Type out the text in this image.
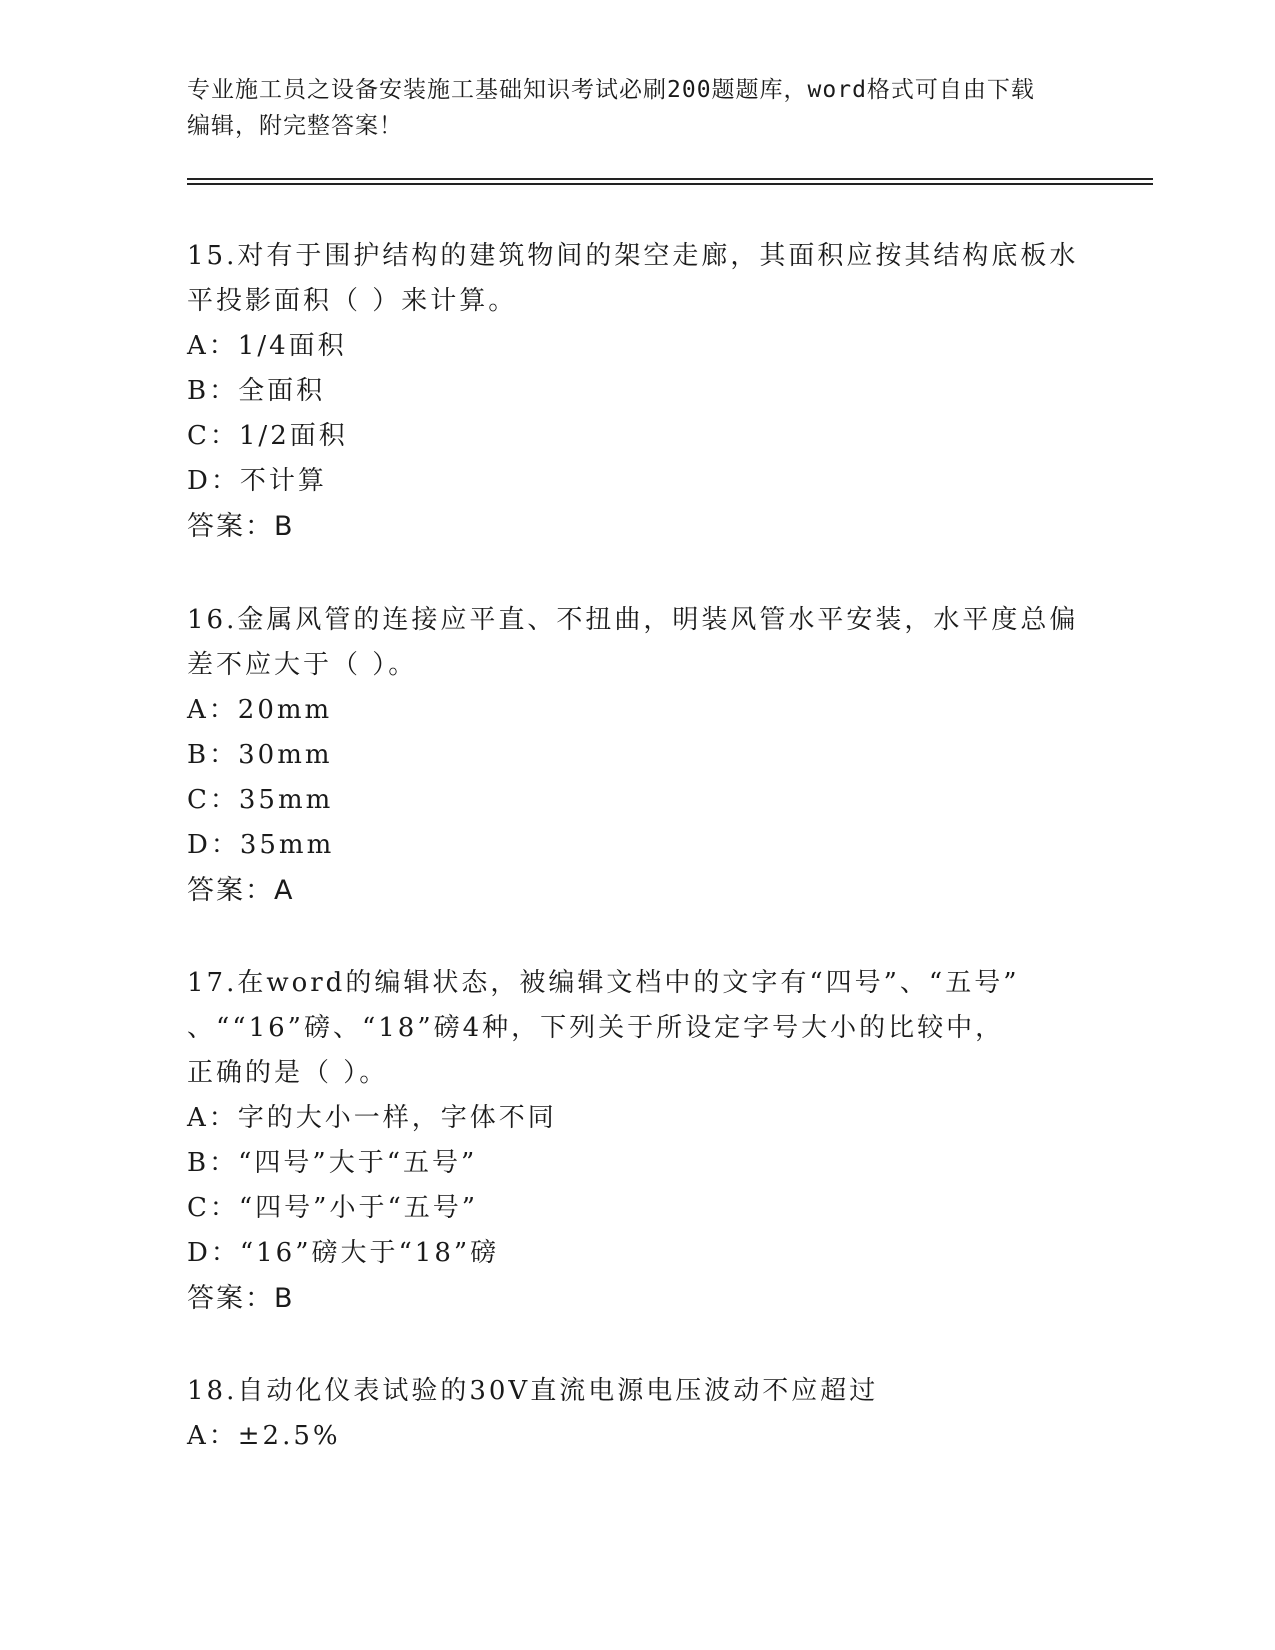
专业施工员之设备安装施工基础知识考试必刷200题题库，word格式可自由下载
编辑，附完整答案！
15.对有于围护结构的建筑物间的架空走廊，其面积应按其结构底板水
平投影面积（ ）来计算。
A：1/4面积
B：全面积
C：1/2面积
D：不计算
答案：B
16.金属风管的连接应平直、不扭曲，明装风管水平安装，水平度总偏
差不应大于（ ）。
A：20mm
B：30mm
C：35mm
D：35mm
答案：A
17.在word的编辑状态，被编辑文档中的文字有“四号”、“五号”
、““16”磅、“18”磅4种，下列关于所设定字号大小的比较中，
正确的是（ ）。
A：字的大小一样，字体不同
B：“四号”大于“五号”
C：“四号”小于“五号”
D：“16”磅大于“18”磅
答案：B
18.自动化仪表试验的30V直流电源电压波动不应超过
A：±2.5%
